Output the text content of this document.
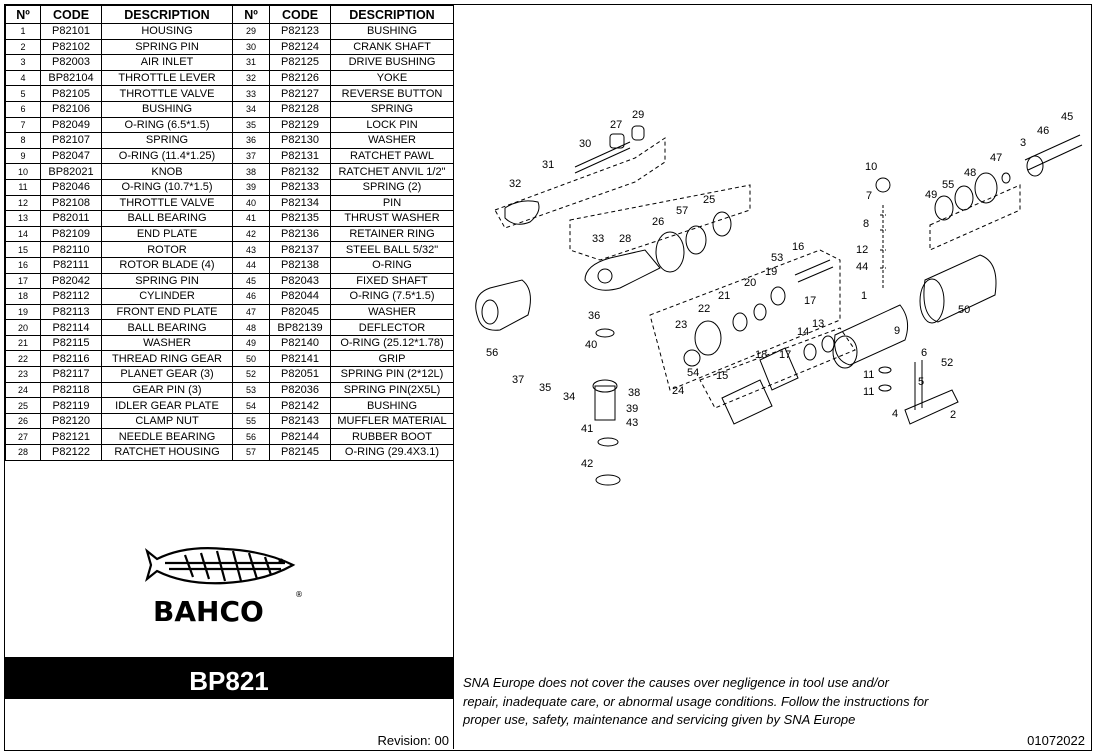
Nº	CODE	DESCRIPTION	Nº	CODE	DESCRIPTION
1	P82101	HOUSING	29	P82123	BUSHING
2	P82102	SPRING PIN	30	P82124	CRANK SHAFT
3	P82003	AIR INLET	31	P82125	DRIVE BUSHING
4	BP82104	THROTTLE LEVER	32	P82126	YOKE
5	P82105	THROTTLE VALVE	33	P82127	REVERSE BUTTON
6	P82106	BUSHING	34	P82128	SPRING
7	P82049	O-RING (6.5*1.5)	35	P82129	LOCK PIN
8	P82107	SPRING	36	P82130	WASHER
9	P82047	O-RING (11.4*1.25)	37	P82131	RATCHET PAWL
10	BP82021	KNOB	38	P82132	RATCHET ANVIL 1/2"
11	P82046	O-RING (10.7*1.5)	39	P82133	SPRING (2)
12	P82108	THROTTLE VALVE	40	P82134	PIN
13	P82011	BALL BEARING	41	P82135	THRUST WASHER
14	P82109	END PLATE	42	P82136	RETAINER RING
15	P82110	ROTOR	43	P82137	STEEL BALL 5/32"
16	P82111	ROTOR BLADE (4)	44	P82138	O-RING
17	P82042	SPRING PIN	45	P82043	FIXED SHAFT
18	P82112	CYLINDER	46	P82044	O-RING (7.5*1.5)
19	P82113	FRONT END PLATE	47	P82045	WASHER
20	P82114	BALL BEARING	48	BP82139	DEFLECTOR
21	P82115	WASHER	49	P82140	O-RING (25.12*1.78)
22	P82116	THREAD RING GEAR	50	P82141	GRIP
23	P82117	PLANET GEAR (3)	52	P82051	SPRING PIN (2*12L)
24	P82118	GEAR PIN (3)	53	P82036	SPRING PIN(2X5L)
25	P82119	IDLER GEAR PLATE	54	P82142	BUSHING
26	P82120	CLAMP NUT	55	P82143	MUFFLER MATERIAL
27	P82121	NEEDLE BEARING	56	P82144	RUBBER BOOT
28	P82122	RATCHET HOUSING	57	P82145	O-RING (29.4X3.1)
BAHCO
®
BP821
Revision: 00
29
27
30
31
32
25
57
26
33 28
16
53
19
20
17
21
22
36
23
40
56
54
37
35	24
34	38
39
43
41
42
15
18 17
14
13
1
9
10
7
8
12
44
6
52
5
11
11
4	2
50
49
55
48
47
3
46
45
SNA Europe does not cover the causes over negligence in tool use and/or
repair, inadequate care, or abnormal usage conditions. Follow the instructions for
proper use, safety, maintenance and servicing given by SNA Europe
01072022
